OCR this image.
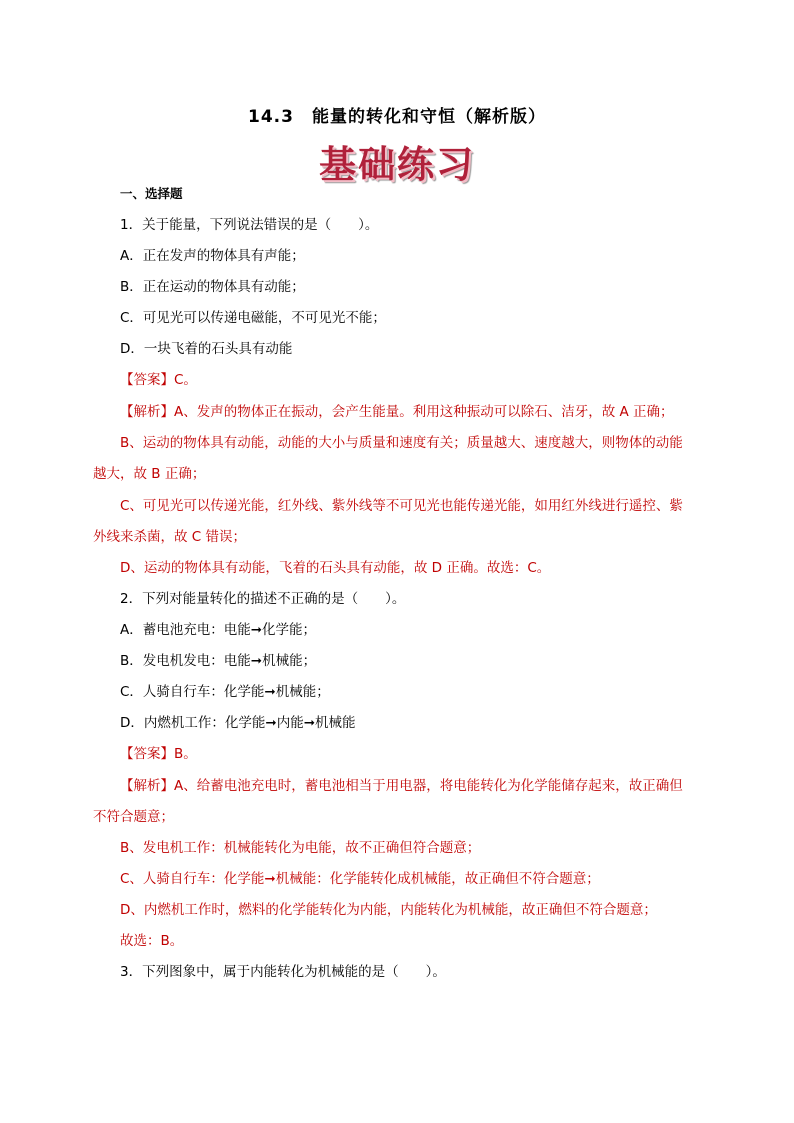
14.3　能量的转化和守恒（解析版）
基础练习
一、选择题
1．关于能量，下列说法错误的是（　　）。
A．正在发声的物体具有声能；
B．正在运动的物体具有动能；
C．可见光可以传递电磁能，不可见光不能；
D．一块飞着的石头具有动能
【答案】C。
【解析】A、发声的物体正在振动，会产生能量。利用这种振动可以除石、洁牙，故 A 正确；
B、运动的物体具有动能，动能的大小与质量和速度有关；质量越大、速度越大，则物体的动能
越大，故 B 正确；
C、可见光可以传递光能，红外线、紫外线等不可见光也能传递光能，如用红外线进行遥控、紫
外线来杀菌，故 C 错误；
D、运动的物体具有动能，飞着的石头具有动能，故 D 正确。故选：C。
2．下列对能量转化的描述不正确的是（　　）。
A．蓄电池充电：电能➞化学能；
B．发电机发电：电能➞机械能；
C．人骑自行车：化学能➞机械能；
D．内燃机工作：化学能➞内能➞机械能
【答案】B。
【解析】A、给蓄电池充电时，蓄电池相当于用电器，将电能转化为化学能储存起来，故正确但
不符合题意；
B、发电机工作：机械能转化为电能，故不正确但符合题意；
C、人骑自行车：化学能➞机械能：化学能转化成机械能，故正确但不符合题意；
D、内燃机工作时，燃料的化学能转化为内能，内能转化为机械能，故正确但不符合题意；
故选：B。
3．下列图象中，属于内能转化为机械能的是（　　）。
